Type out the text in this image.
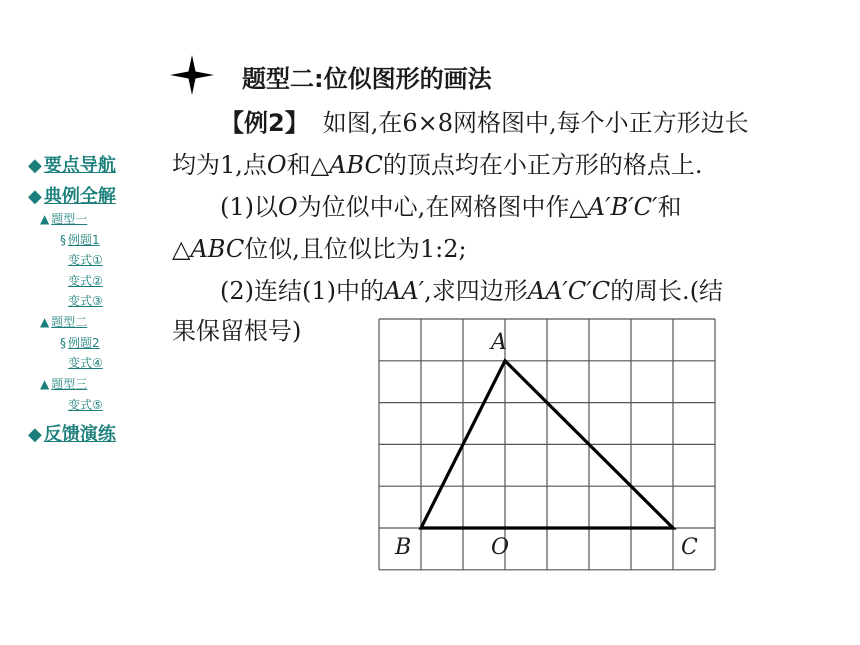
◆ 要点导航
◆ 典例全解
▲ 题型一
§ 例题1
变式①
变式②
变式③
▲ 题型二
§ 例题2
变式④
▲ 题型三
变式⑤
◆ 反馈演练
题型二:位似图形的画法
【例2】 如图,在6×8网格图中,每个小正方形边长
均为1,点O和△ABC的顶点均在小正方形的格点上.
(1)以O为位似中心,在网格图中作△A′B′C′和
△ABC位似,且位似比为1:2;
(2)连结(1)中的AA′,求四边形AA′C′C的周长.(结
果保留根号)	A
B	C
O
